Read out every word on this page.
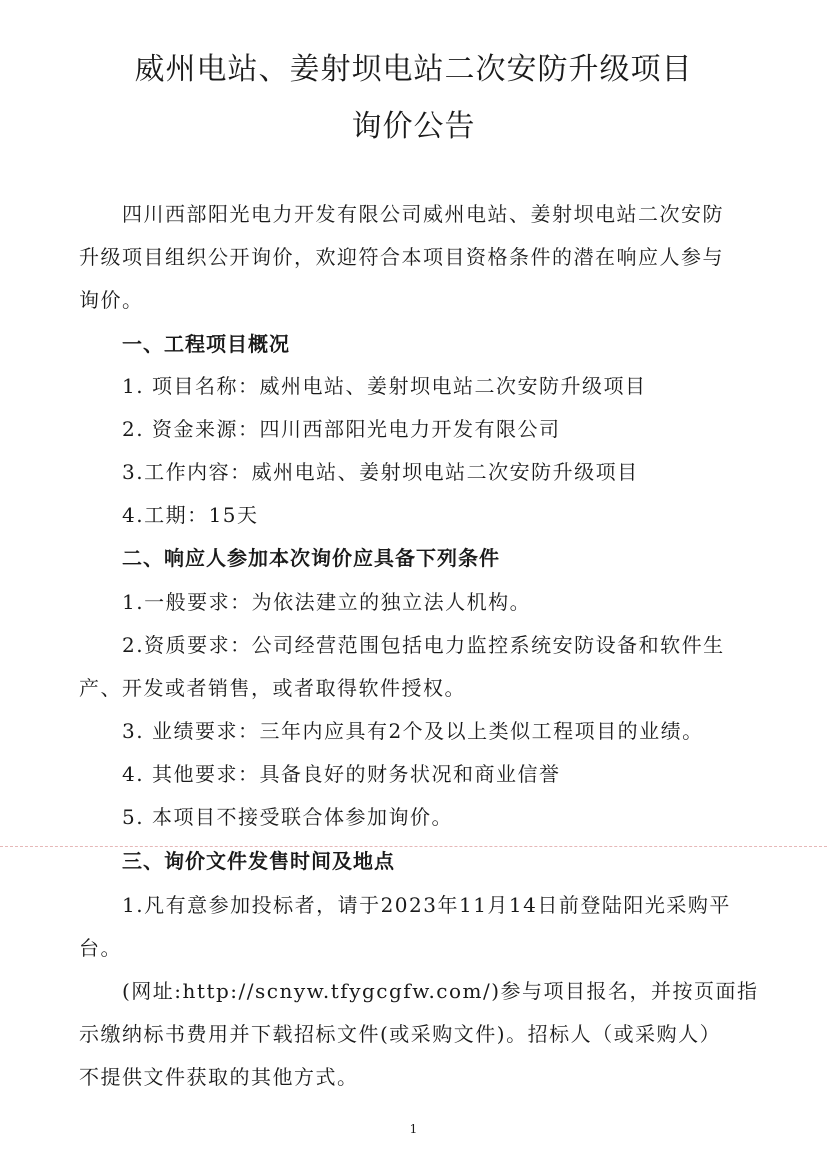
威州电站、姜射坝电站二次安防升级项目
询价公告
四川西部阳光电力开发有限公司威州电站、姜射坝电站二次安防
升级项目组织公开询价，欢迎符合本项目资格条件的潜在响应人参与
询价。
一、工程项目概况
1. 项目名称：威州电站、姜射坝电站二次安防升级项目
2. 资金来源：四川西部阳光电力开发有限公司
3.工作内容：威州电站、姜射坝电站二次安防升级项目
4.工期：15天
二、响应人参加本次询价应具备下列条件
1.一般要求：为依法建立的独立法人机构。
2.资质要求：公司经营范围包括电力监控系统安防设备和软件生
产、开发或者销售，或者取得软件授权。
3. 业绩要求：三年内应具有2个及以上类似工程项目的业绩。
4. 其他要求：具备良好的财务状况和商业信誉
5. 本项目不接受联合体参加询价。
三、询价文件发售时间及地点
1.凡有意参加投标者，请于2023年11月14日前登陆阳光采购平
台。
(网址:http://scnyw.tfygcgfw.com/)参与项目报名，并按页面指
示缴纳标书费用并下载招标文件(或采购文件)。招标人（或采购人）
不提供文件获取的其他方式。
1
